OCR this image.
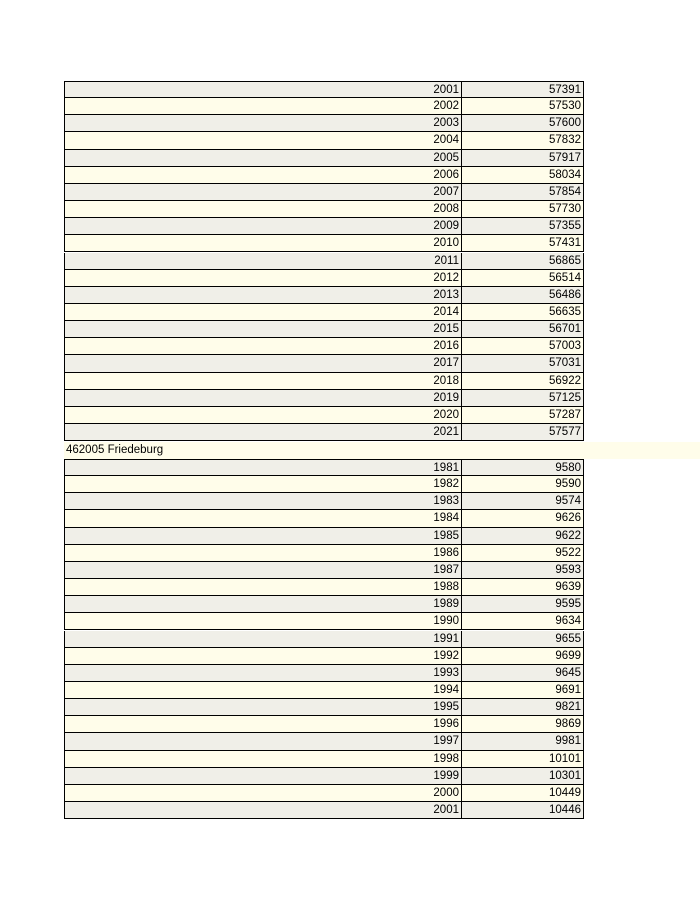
2001	57391
2002	57530
2003	57600
2004	57832
2005	57917
2006	58034
2007	57854
2008	57730
2009	57355
2010	57431
2011	56865
2012	56514
2013	56486
2014	56635
2015	56701
2016	57003
2017	57031
2018	56922
2019	57125
2020	57287
2021	57577
462005 Friedeburg
1981	9580
1982	9590
1983	9574
1984	9626
1985	9622
1986	9522
1987	9593
1988	9639
1989	9595
1990	9634
1991	9655
1992	9699
1993	9645
1994	9691
1995	9821
1996	9869
1997	9981
1998	10101
1999	10301
2000	10449
2001	10446
